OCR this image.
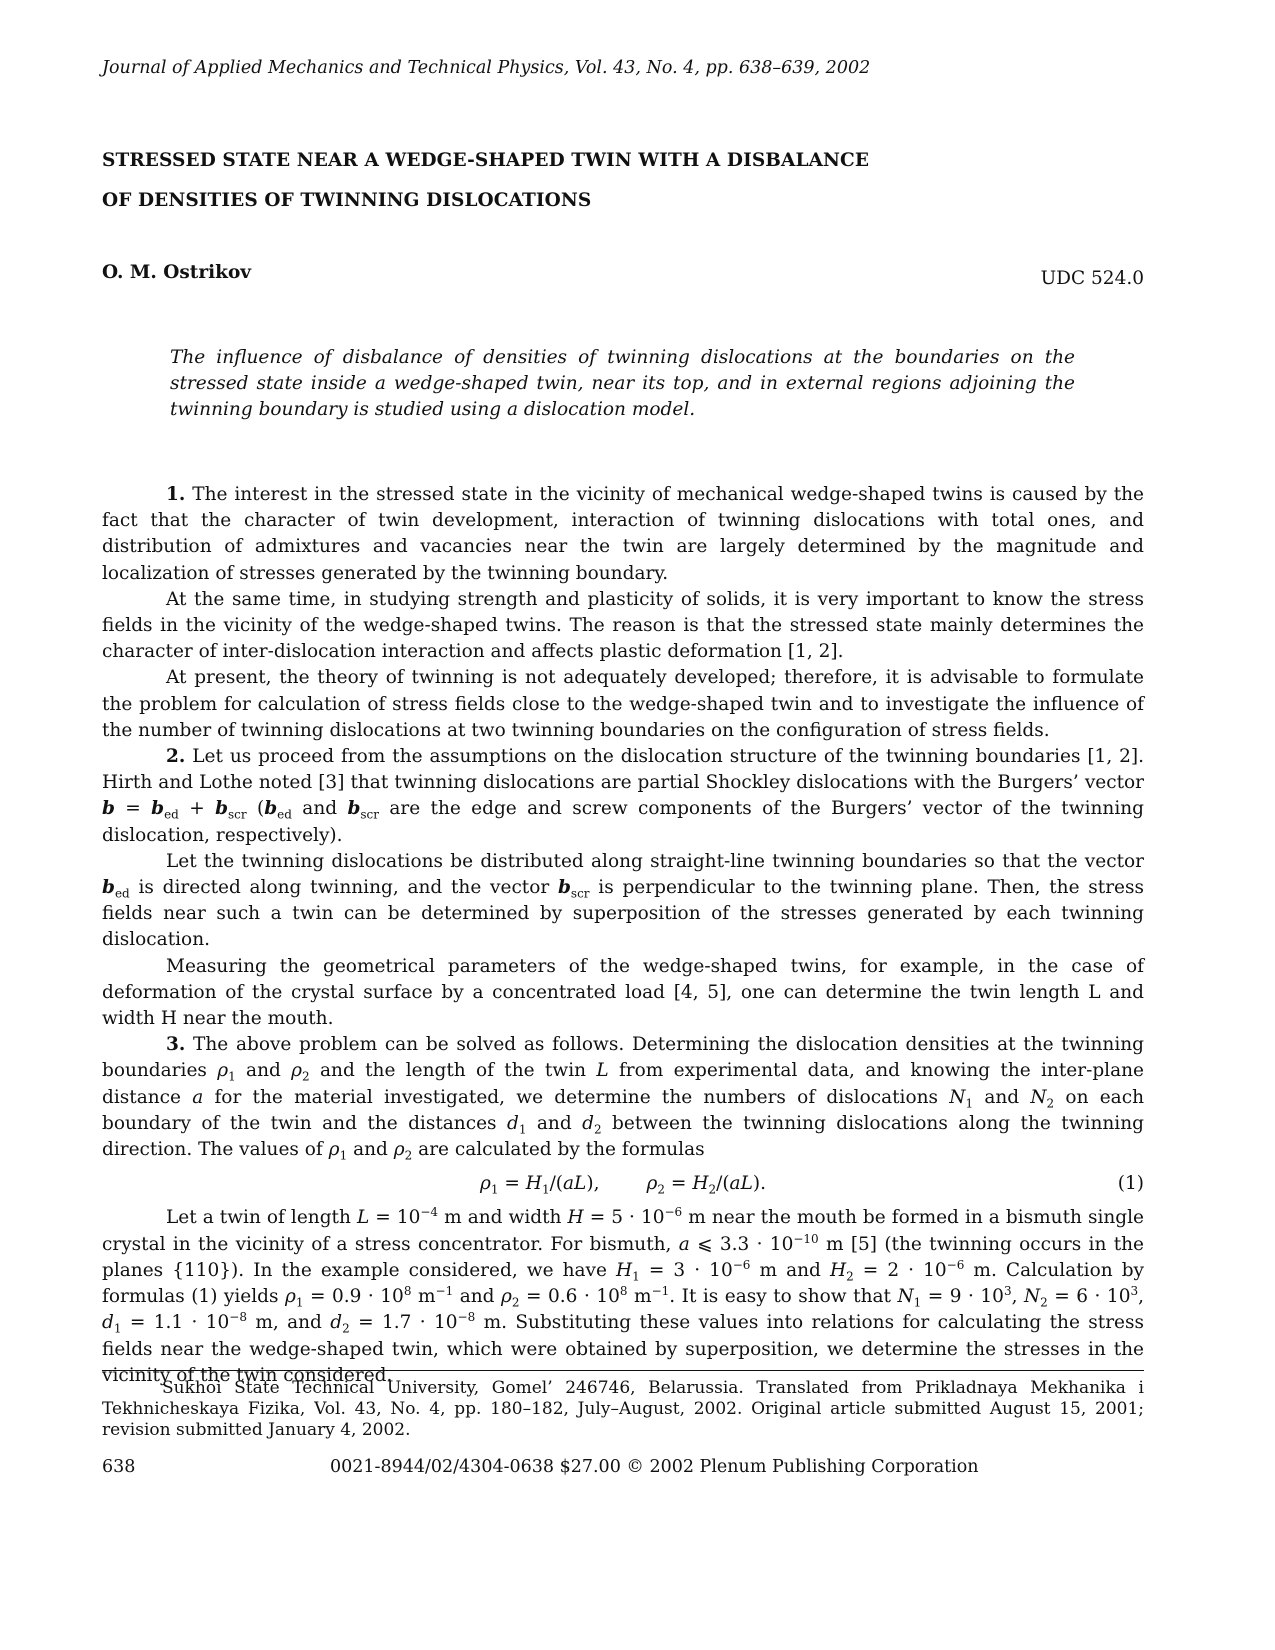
Journal of Applied Mechanics and Technical Physics, Vol. 43, No. 4, pp. 638–639, 2002
STRESSED STATE NEAR A WEDGE-SHAPED TWIN WITH A DISBALANCE
OF DENSITIES OF TWINNING DISLOCATIONS
O. M. Ostrikov	UDC 524.0
The influence of disbalance of densities of twinning dislocations at the boundaries on the stressed state inside a wedge-shaped twin, near its top, and in external regions adjoining the twinning boundary is studied using a dislocation model.

1. The interest in the stressed state in the vicinity of mechanical wedge-shaped twins is caused by the fact that the character of twin development, interaction of twinning dislocations with total ones, and distribution of admixtures and vacancies near the twin are largely determined by the magnitude and localization of stresses generated by the twinning boundary.

At the same time, in studying strength and plasticity of solids, it is very important to know the stress fields in the vicinity of the wedge-shaped twins. The reason is that the stressed state mainly determines the character of inter-dislocation interaction and affects plastic deformation [1, 2].

At present, the theory of twinning is not adequately developed; therefore, it is advisable to formulate the problem for calculation of stress fields close to the wedge-shaped twin and to investigate the influence of the number of twinning dislocations at two twinning boundaries on the configuration of stress fields.

2. Let us proceed from the assumptions on the dislocation structure of the twinning boundaries [1, 2]. Hirth and Lothe noted [3] that twinning dislocations are partial Shockley dislocations with the Burgers’ vector $b = b_{ed} + b_{scr}$ ($b_{ed}$ and $b_{scr}$ are the edge and screw components of the Burgers’ vector of the twinning dislocation, respectively).

Let the twinning dislocations be distributed along straight-line twinning boundaries so that the vector $b_{ed}$ is directed along twinning, and the vector $b_{scr}$ is perpendicular to the twinning plane. Then, the stress fields near such a twin can be determined by superposition of the stresses generated by each twinning dislocation.

Measuring the geometrical parameters of the wedge-shaped twins, for example, in the case of deformation of the crystal surface by a concentrated load [4, 5], one can determine the twin length L and width H near the mouth.

3. The above problem can be solved as follows. Determining the dislocation densities at the twinning boundaries $\rho_1$ and $\rho_2$ and the length of the twin L from experimental data, and knowing the inter-plane distance a for the material investigated, we determine the numbers of dislocations $N_1$ and $N_2$ on each boundary of the twin and the distances $d_1$ and $d_2$ between the twinning dislocations along the twinning direction. The values of $\rho_1$ and $\rho_2$ are calculated by the formulas

$\rho_1 = H_1/(aL)$,        $\rho_2 = H_2/(aL)$.	(1)

Let a twin of length $L = 10^{-4}$ m and width $H = 5 \cdot 10^{-6}$ m near the mouth be formed in a bismuth single crystal in the vicinity of a stress concentrator. For bismuth, a ⩽ $3.3 \cdot 10^{-10}$ m [5] (the twinning occurs in the planes {110}). In the example considered, we have $H_1 = 3 \cdot 10^{-6}$ m and $H_2 = 2 \cdot 10^{-6}$ m. Calculation by formulas (1) yields $\rho_1 = 0.9 \cdot 10^8$ $m^{-1}$ and $\rho_2 = 0.6 \cdot 10^8$ $m^{-1}$. It is easy to show that $N_1 = 9 \cdot 10^3$, $N_2 = 6 \cdot 10^3$, $d_1 = 1.1 \cdot 10^{-8}$ m, and $d_2 = 1.7 \cdot 10^{-8}$ m. Substituting these values into relations for calculating the stress fields near the wedge-shaped twin, which were obtained by superposition, we determine the stresses in the vicinity of the twin considered.

Sukhoi State Technical University, Gomel’ 246746, Belarussia. Translated from Prikladnaya Mekhanika i Tekhnicheskaya Fizika, Vol. 43, No. 4, pp. 180–182, July–August, 2002. Original article submitted August 15, 2001; revision submitted January 4, 2002.
638	0021-8944/02/4304-0638 $27.00 © 2002 Plenum Publishing Corporation
